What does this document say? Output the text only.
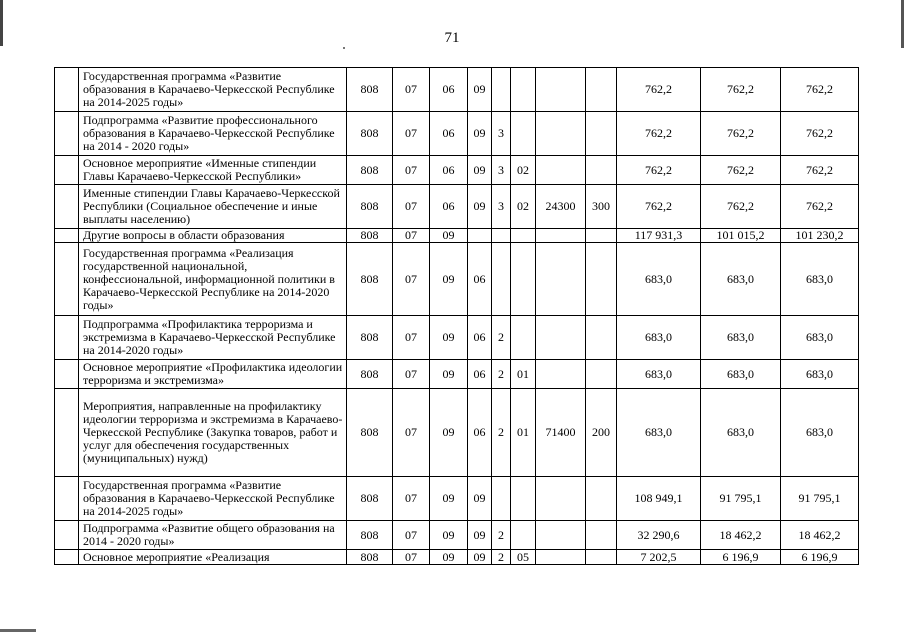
71
	Государственная программа «Развитие образования в Карачаево-Черкесской Республике на 2014-2025 годы»	808	07	06	09					762,2	762,2	762,2
	Подпрограмма «Развитие профессионального образования в Карачаево-Черкесской Республике на 2014 - 2020 годы»	808	07	06	09	3				762,2	762,2	762,2
	Основное мероприятие «Именные стипендии Главы Карачаево-Черкесской Республики»	808	07	06	09	3	02			762,2	762,2	762,2
	Именные стипендии Главы Карачаево-Черкесской Республики (Социальное обеспечение и иные выплаты населению)	808	07	06	09	3	02	24300	300	762,2	762,2	762,2
	Другие вопросы в области образования	808	07	09						117 931,3	101 015,2	101 230,2
	Государственная программа «Реализация государственной национальной, конфессиональной, информационной политики в Карачаево-Черкесской Республике на 2014-2020 годы»	808	07	09	06					683,0	683,0	683,0
	Подпрограмма «Профилактика терроризма и экстремизма в Карачаево-Черкесской Республике на 2014-2020 годы»	808	07	09	06	2				683,0	683,0	683,0
	Основное мероприятие «Профилактика идеологии терроризма и экстремизма»	808	07	09	06	2	01			683,0	683,0	683,0
	Мероприятия, направленные на профилактику идеологии терроризма и экстремизма в Карачаево-Черкесской Республике (Закупка товаров, работ и услуг для обеспечения государственных (муниципальных) нужд)	808	07	09	06	2	01	71400	200	683,0	683,0	683,0
	Государственная программа «Развитие образования в Карачаево-Черкесской Республике на 2014-2025 годы»	808	07	09	09					108 949,1	91 795,1	91 795,1
	Подпрограмма «Развитие общего образования на 2014 - 2020 годы»	808	07	09	09	2				32 290,6	18 462,2	18 462,2
	Основное мероприятие «Реализация	808	07	09	09	2	05			7 202,5	6 196,9	6 196,9
